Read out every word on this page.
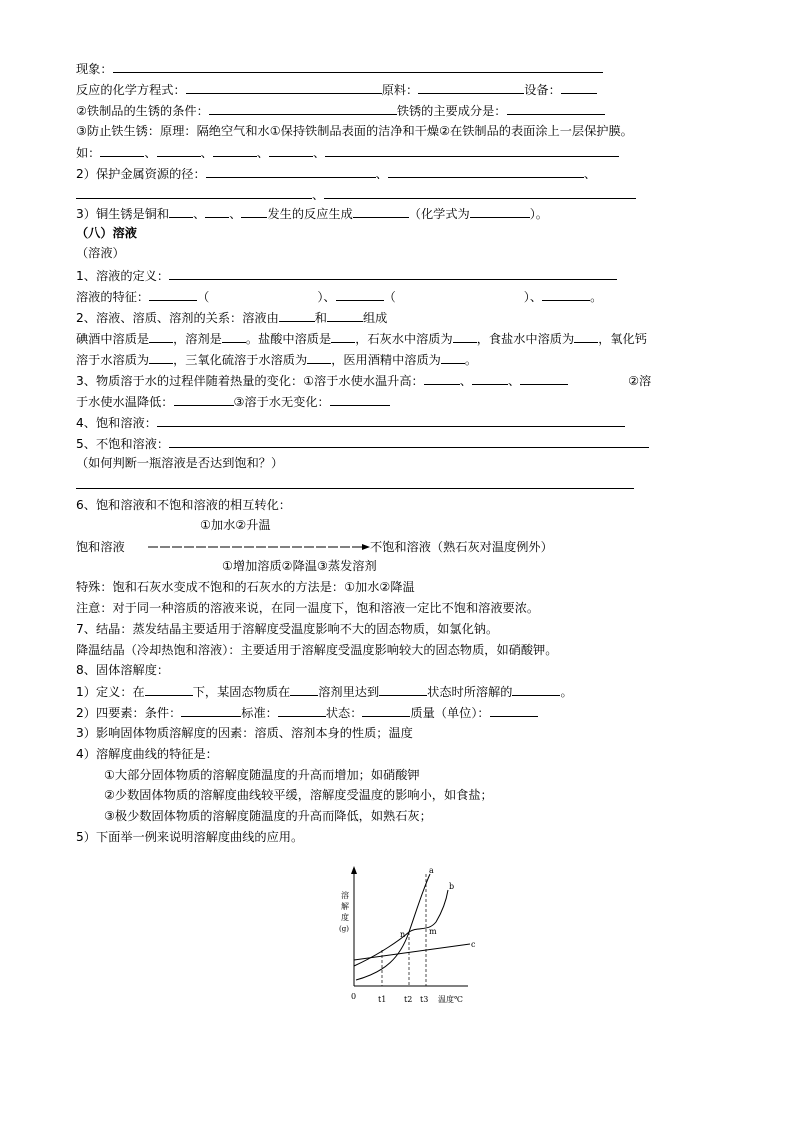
现象：
反应的化学方程式：	原料：	设备：
②铁制品的生锈的条件：	铁锈的主要成分是：
③防止铁生锈：原理：隔绝空气和水①保持铁制品表面的洁净和干燥②在铁制品的表面涂上一层保护膜。
如：	、	、	、	、
2）保护金属资源的径：	、	、
、
3）铜生锈是铜和 、 、 发生的反应生成	（化学式为	）。
（八）溶液
（溶液）
1、溶液的定义：
溶液的特征：	（	）、	（	）、	。
2、溶液、溶质、溶剂的关系：溶液由	和	组成
碘酒中溶质是 ，溶剂是 。盐酸中溶质是 ，石灰水中溶质为 ，食盐水中溶质为 ，氧化钙
溶于水溶质为 ，三氧化硫溶于水溶质为 ，医用酒精中溶质为 。
3、物质溶于水的过程伴随着热量的变化：①溶于水使水温升高：	、	、	②溶
于水使水温降低：	③溶于水无变化：
4、饱和溶液：
5、不饱和溶液：
（如何判断一瓶溶液是否达到饱和？）
6、饱和溶液和不饱和溶液的相互转化：
①加水②升温
饱和溶液	不饱和溶液（熟石灰对温度例外）
①增加溶质②降温③蒸发溶剂
特殊：饱和石灰水变成不饱和的石灰水的方法是：①加水②降温
注意：对于同一种溶质的溶液来说，在同一温度下，饱和溶液一定比不饱和溶液要浓。
7、结晶：蒸发结晶主要适用于溶解度受温度影响不大的固态物质，如氯化钠。
降温结晶（冷却热饱和溶液）：主要适用于溶解度受温度影响较大的固态物质，如硝酸钾。
8、固体溶解度：
1）定义：在	下，某固态物质在 溶剂里达到	状态时所溶解的	。
2）四要素：条件：	标准：	状态：	质量（单位）：
3）影响固体物质溶解度的因素：溶质、溶剂本身的性质；温度
4）溶解度曲线的特征是：
①大部分固体物质的溶解度随温度的升高而增加；如硝酸钾
②少数固体物质的溶解度曲线较平缓，溶解度受温度的影响小，如食盐；
③极少数固体物质的溶解度随温度的升高而降低，如熟石灰；
5）下面举一例来说明溶解度曲线的应用。
溶
解
度
(g)
0	t1 t2 t3 温度℃
a
b
c
n	m
